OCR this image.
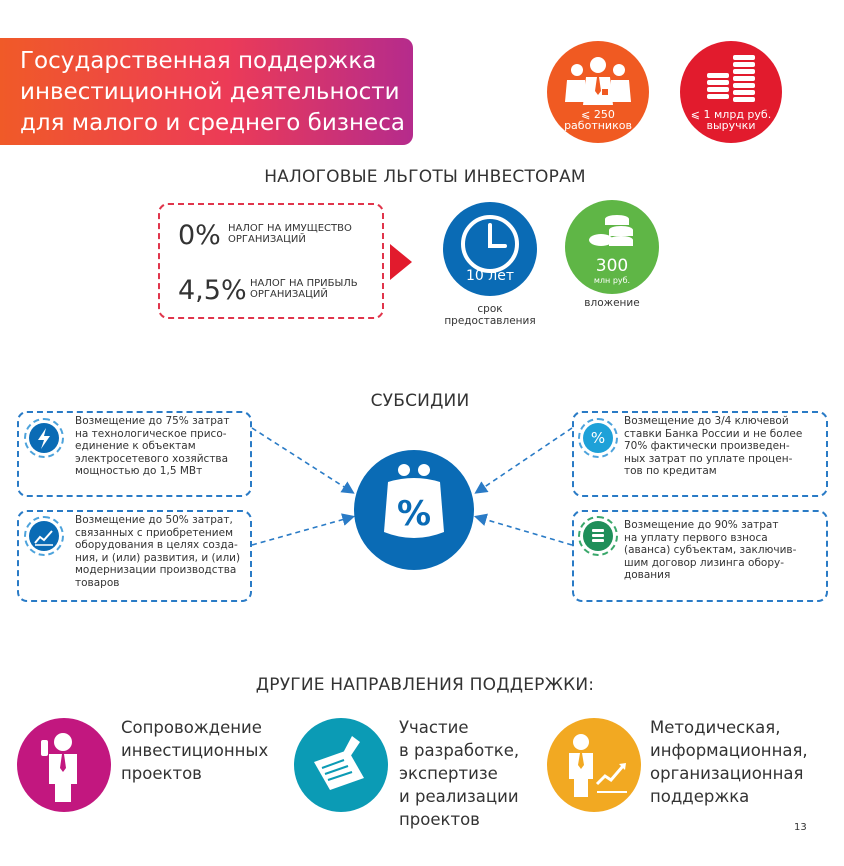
Государственная поддержка
инвестиционной деятельности
для малого и среднего бизнеса	⩽ 250
работников
⩽ 1 млрд руб.
выручки
НАЛОГОВЫЕ ЛЬГОТЫ ИНВЕСТОРАМ
0% НАЛОГ НА ИМУЩЕСТВО
ОРГАНИЗАЦИЙ
4,5% НАЛОГ НА ПРИБЫЛЬ
ОРГАНИЗАЦИЙ
10 лет
срок
предоставления
300
млн руб.
вложение
СУБСИДИИ
%
Возмещение до 75% затрат
на технологическое присо-
единение к объектам
электросетевого хозяйства
мощностью до 1,5 МВт
Возмещение до 50% затрат,
связанных с приобретением
оборудования в целях созда-
ния, и (или) развития, и (или)
модернизации производства
товаров
%
Возмещение до 3/4 ключевой
ставки Банка России и не более
70% фактически произведен-
ных затрат по уплате процен-
тов по кредитам
Возмещение до 90% затрат
на уплату первого взноса
(аванса) субъектам, заключив-
шим договор лизинга обору-
дования
ДРУГИЕ НАПРАВЛЕНИЯ ПОДДЕРЖКИ:
Сопровождение
инвестиционных
проектов
Участие
в разработке,
экспертизе
и реализации
проектов
Методическая,
информационная,
организационная
поддержка
13
